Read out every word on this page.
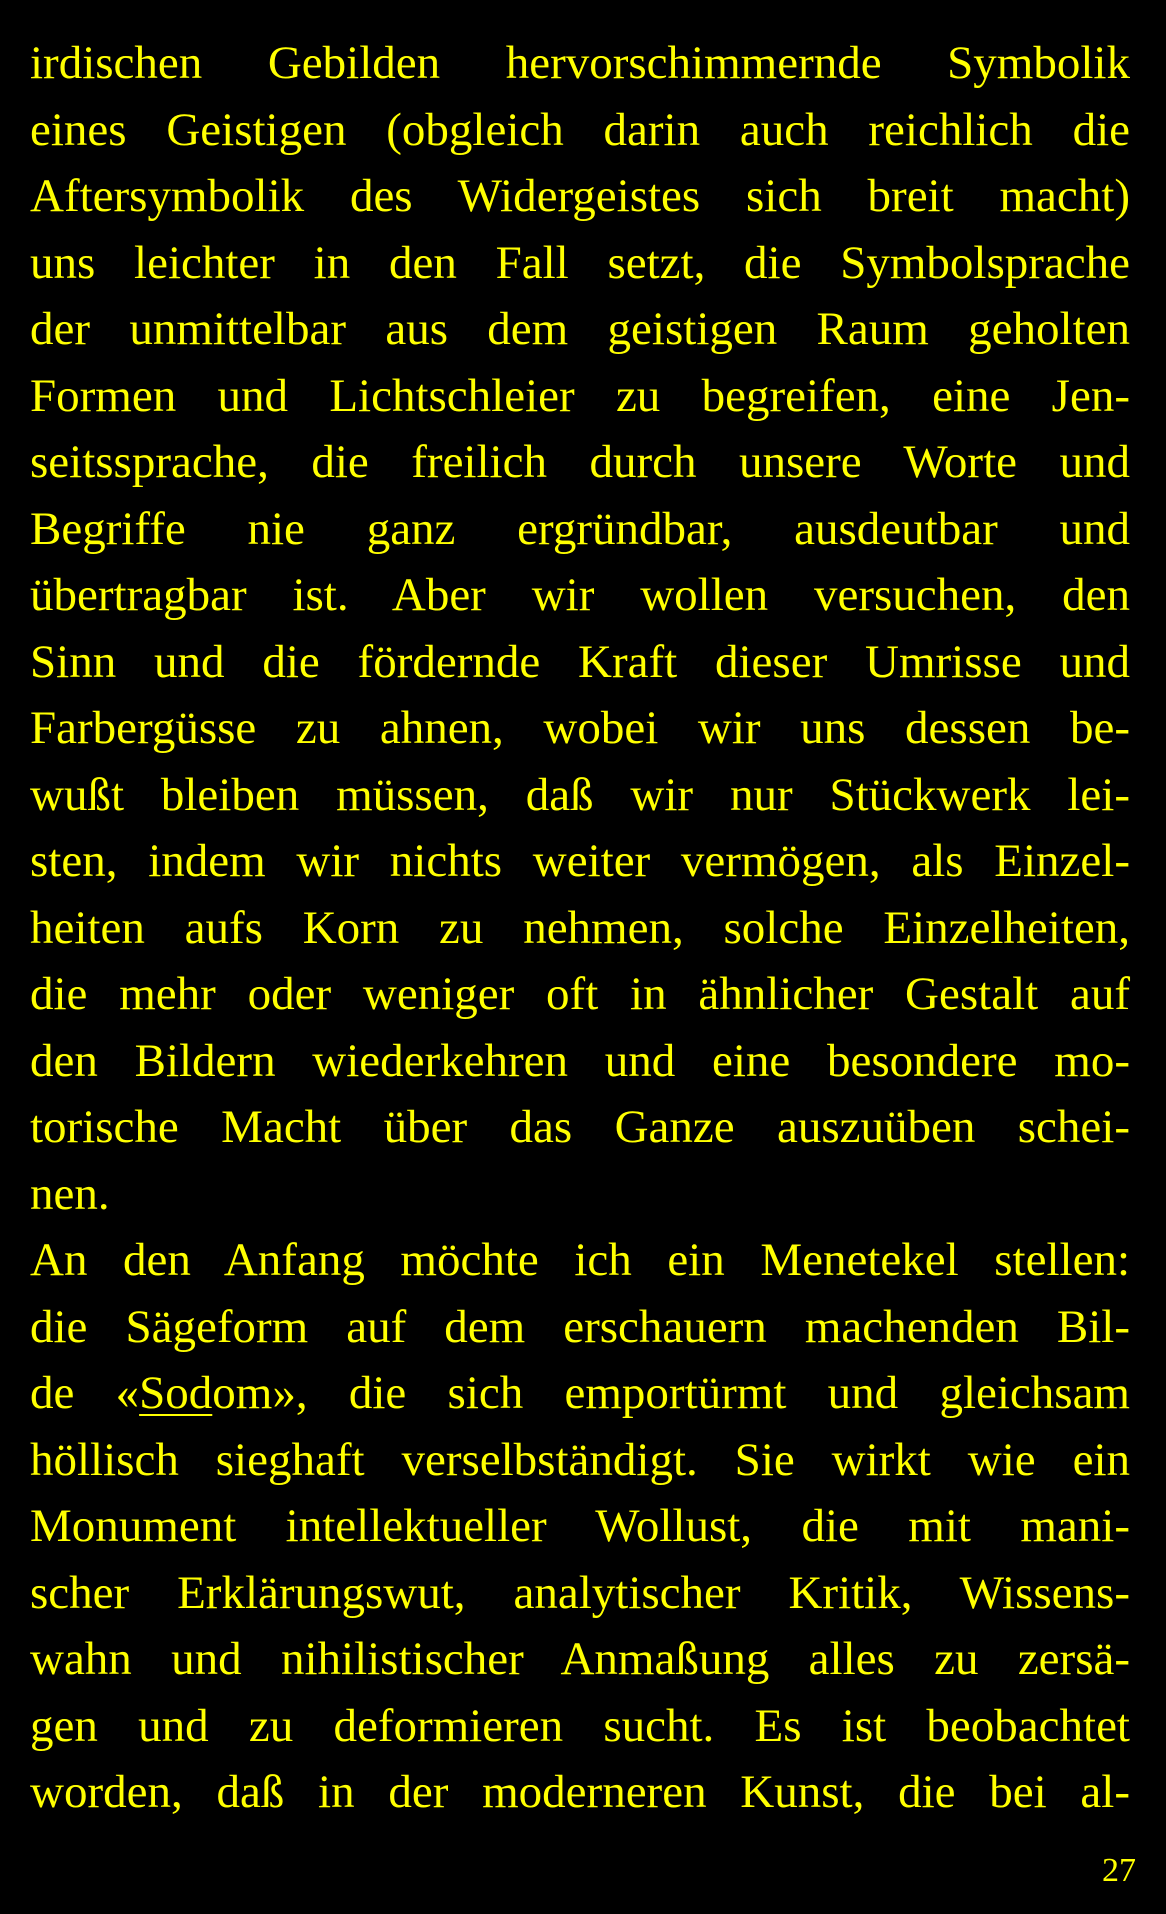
irdischen Gebilden hervorschimmernde Symbolik
eines Geistigen (obgleich darin auch reichlich die
Aftersymbolik des Widergeistes sich breit macht)
uns leichter in den Fall setzt, die Symbolsprache
der unmittelbar aus dem geistigen Raum geholten
Formen und Lichtschleier zu begreifen, eine Jen-
seitssprache, die freilich durch unsere Worte und
Begriffe nie ganz ergründbar, ausdeutbar und
übertragbar ist. Aber wir wollen versuchen, den
Sinn und die fördernde Kraft dieser Umrisse und
Farbergüsse zu ahnen, wobei wir uns dessen be-
wußt bleiben müssen, daß wir nur Stückwerk lei-
sten, indem wir nichts weiter vermögen, als Einzel-
heiten aufs Korn zu nehmen, solche Einzelheiten,
die mehr oder weniger oft in ähnlicher Gestalt auf
den Bildern wiederkehren und eine besondere mo-
torische Macht über das Ganze auszuüben schei-
nen.
An den Anfang möchte ich ein Menetekel stellen:
die Sägeform auf dem erschauern machenden Bil-
de «Sodom», die sich emportürmt und gleichsam
höllisch sieghaft verselbständigt. Sie wirkt wie ein
Monument intellektueller Wollust, die mit mani-
scher Erklärungswut, analytischer Kritik, Wissens-
wahn und nihilistischer Anmaßung alles zu zersä-
gen und zu deformieren sucht. Es ist beobachtet
worden, daß in der moderneren Kunst, die bei al-
27
